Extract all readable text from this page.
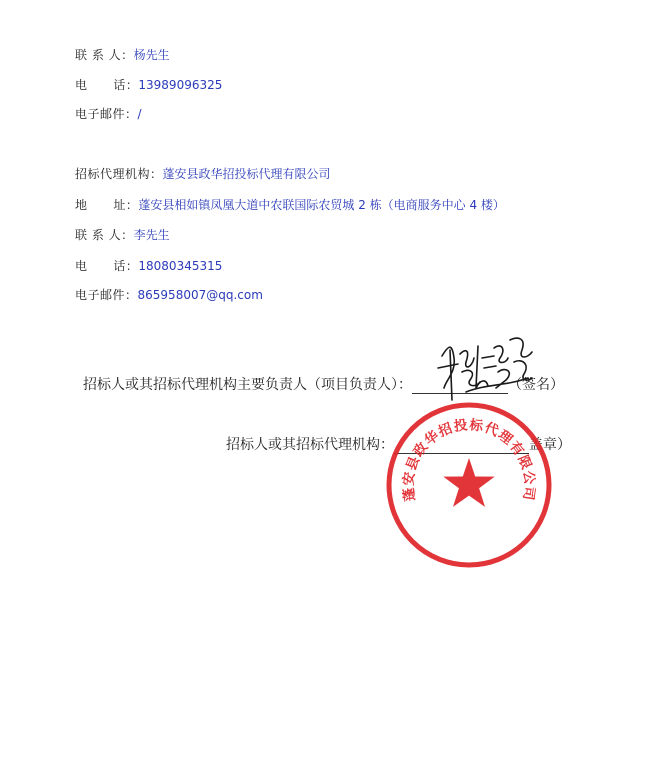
联 系 人：杨先生
电      话：13989096325
电子邮件：/
招标代理机构：蓬安县政华招投标代理有限公司
地      址：蓬安县相如镇凤凰大道中农联国际农贸城 2 栋（电商服务中心 4 楼）
联 系 人：李先生
电      话：18080345315
电子邮件：865958007@qq.com
招标人或其招标代理机构主要负责人（项目负责人）：	（签名）
招标人或其招标代理机构：	盖章）
蓬安县政华招投标代理有限公司
